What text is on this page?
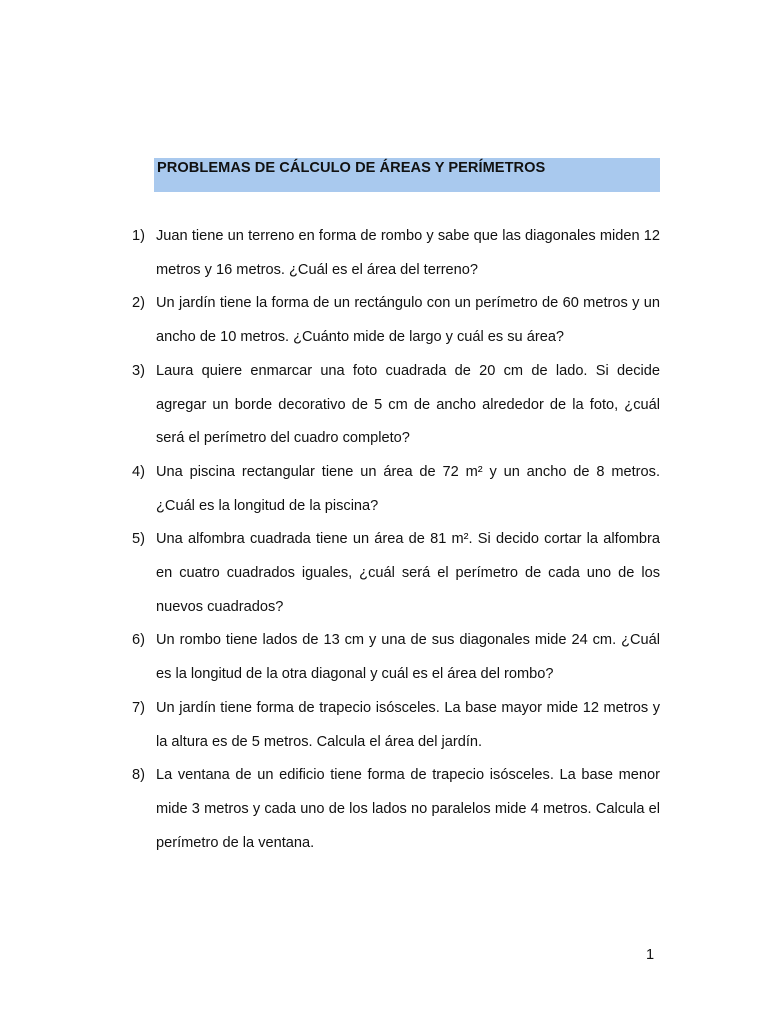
PROBLEMAS DE CÁLCULO DE ÁREAS Y PERÍMETROS
1) Juan tiene un terreno en forma de rombo y sabe que las diagonales miden 12 metros y 16 metros. ¿Cuál es el área del terreno?

2) Un jardín tiene la forma de un rectángulo con un perímetro de 60 metros y un ancho de 10 metros. ¿Cuánto mide de largo y cuál es su área?

3) Laura quiere enmarcar una foto cuadrada de 20 cm de lado. Si decide agregar un borde decorativo de 5 cm de ancho alrededor de la foto, ¿cuál será el perímetro del cuadro completo?

4) Una piscina rectangular tiene un área de 72 m² y un ancho de 8 metros. ¿Cuál es la longitud de la piscina?

5) Una alfombra cuadrada tiene un área de 81 m². Si decido cortar la alfombra en cuatro cuadrados iguales, ¿cuál será el perímetro de cada uno de los nuevos cuadrados?

6) Un rombo tiene lados de 13 cm y una de sus diagonales mide 24 cm. ¿Cuál es la longitud de la otra diagonal y cuál es el área del rombo?

7) Un jardín tiene forma de trapecio isósceles. La base mayor mide 12 metros y la altura es de 5 metros. Calcula el área del jardín.

8) La ventana de un edificio tiene forma de trapecio isósceles. La base menor mide 3 metros y cada uno de los lados no paralelos mide 4 metros. Calcula el perímetro de la ventana.

1
